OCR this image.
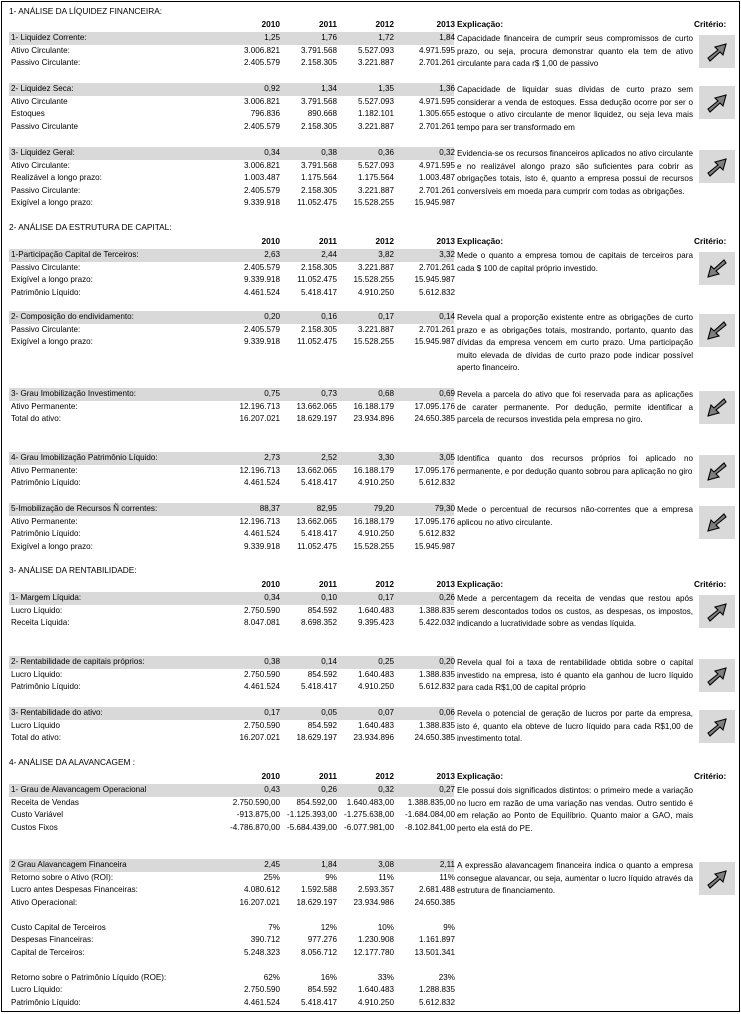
1- ANÁLISE DA LÍQUIDEZ FINANCEIRA:
2010	2011	2012	2013 Explicação:	Critério:
1- Liquidez Corrente:	1,25	1,76	1,72	1,84
Ativo Circulante:	3.006.821	3.791.568	5.527.093	4.971.595
Passivo Circulante:	2.405.579	2.158.305	3.221.887	2.701.261
Capacidade financeira de cumprir seus compromissos de curto prazo, ou seja, procura demonstrar quanto ela tem de ativo circulante para cada r$ 1,00 de passivo
2- Liquidez Seca:	0,92	1,34	1,35	1,36
Ativo Circulante	3.006.821	3.791.568	5.527.093	4.971.595
Estoques	796.836	890.668	1.182.101	1.305.655
Passivo Circulante	2.405.579	2.158.305	3.221.887	2.701.261
Capacidade de liquidar suas dívidas de curto prazo sem considerar a venda de estoques. Essa dedução ocorre por ser o estoque o ativo circulante de menor liquidez, ou seja leva mais tempo para ser transformado em
3- Liquidez Geral:	0,34	0,38	0,36	0,32
Ativo Circulante:	3.006.821	3.791.568	5.527.093	4.971.595
Realizável a longo prazo:	1.003.487	1.175.564	1.175.564	1.003.487
Passivo Circulante:	2.405.579	2.158.305	3.221.887	2.701.261
Exigível a longo prazo:	9.339.918	11.052.475	15.528.255	15.945.987
Evidencia-se os recursos financeiros aplicados no ativo circulante e no realizável alongo prazo são suficientes para cobrir as obrigações totais, isto é, quanto a empresa possui de recursos conversíveis em moeda para cumprir com todas as obrigações.
2- ANÁLISE DA ESTRUTURA DE CAPITAL:
2010	2011	2012	2013 Explicação:	Critério:
1-Participação Capital de Terceiros:	2,63	2,44	3,82	3,32
Passivo Circulante:	2.405.579	2.158.305	3.221.887	2.701.261
Exigível a longo prazo:	9.339.918	11.052.475	15.528.255	15.945.987
Patrimônio Líquido:	4.461.524	5.418.417	4.910.250	5.612.832
Mede o quanto a empresa tomou de capitais de terceiros para cada $ 100 de capital próprio investido.
2- Composição do endividamento:	0,20	0,16	0,17	0,14
Passivo Circulante:	2.405.579	2.158.305	3.221.887	2.701.261
Exigível a longo prazo:	9.339.918	11.052.475	15.528.255	15.945.987
Revela qual a proporção existente entre as obrigações de curto prazo e as obrigações totais, mostrando, portanto, quanto das dívidas da empresa vencem em curto prazo. Uma participação muito elevada de dívidas de curto prazo pode indicar possível aperto financeiro.
3- Grau Imobilização Investimento:	0,75	0,73	0,68	0,69
Ativo Permanente:	12.196.713	13.662.065	16.188.179	17.095.176
Total do ativo:	16.207.021	18.629.197	23.934.896	24.650.385
Revela a parcela do ativo que foi reservada para as aplicações de carater permanente. Por dedução, permite identificar a parcela de recursos investida pela empresa no giro.
4- Grau Imobilização Patrimônio Líquido:	2,73	2,52	3,30	3,05
Ativo Permanente:	12.196.713	13.662.065	16.188.179	17.095.176
Patrimônio Líquido:	4.461.524	5.418.417	4.910.250	5.612.832
Identifica quanto dos recursos próprios foi aplicado no permanente, e por dedução quanto sobrou para aplicação no giro
5-Imobilização de Recursos Ñ correntes:	88,37	82,95	79,20	79,30
Ativo Permanente:	12.196.713	13.662.065	16.188.179	17.095.176
Patrimônio Líquido:	4.461.524	5.418.417	4.910.250	5.612.832
Exigível a longo prazo:	9.339.918	11.052.475	15.528.255	15.945.987
Mede o percentual de recursos não-correntes que a empresa aplicou no ativo circulante.
3- ANÁLISE DA RENTABILIDADE:
2010	2011	2012	2013 Explicação:	Critério:
1- Margem Líquida:	0,34	0,10	0,17	0,26
Lucro Líquido:	2.750.590	854.592	1.640.483	1.388.835
Receita Líquida:	8.047.081	8.698.352	9.395.423	5.422.032
Mede a percentagem da receita de vendas que restou após serem descontados todos os custos, as despesas, os impostos, indicando a lucratividade sobre as vendas líquida.
2- Rentabilidade de capitais próprios:	0,38	0,14	0,25	0,20
Lucro Líquido:	2.750.590	854.592	1.640.483	1.388.835
Patrimônio Líquido:	4.461.524	5.418.417	4.910.250	5.612.832
Revela qual foi a taxa de rentabilidade obtida sobre o capital investido na empresa, isto é quanto ela ganhou de lucro líquido para cada R$1,00 de capital próprio
3- Rentabilidade do ativo:	0,17	0,05	0,07	0,06
Lucro Líquido	2.750.590	854.592	1.640.483	1.388.835
Total do ativo:	16.207.021	18.629.197	23.934.896	24.650.385
Revela o potencial de geração de lucros por parte da empresa, isto é, quanto ela obteve de lucro líquido para cada R$1,00 de investimento total.
4- ANÁLISE DA ALAVANCAGEM :
2010	2011	2012	2013 Explicação:	Critério:
1- Grau de Alavancagem Operacional	0,43	0,26	0,32	0,27
Receita de Vendas	2.750.590,00	854.592,00	1.640.483,00	1.388.835,00
Custo Variável	-913.875,00 -1.125.393,00 -1.275.638,00	-1.684.084,00
Custos Fixos	-4.786.870,00 -5.684.439,00 -6.077.981,00	-8.102.841,00
Ele possui dois significados distintos: o primeiro mede a variação no lucro em razão de uma variação nas vendas. Outro sentido é em relação ao Ponto de Equilíbrio. Quanto maior a GAO, mais perto ela está do PE.
2 Grau Alavancagem Financeira	2,45	1,84	3,08	2,11
Retorno sobre o Ativo (ROI):	25%	9%	11%	11%
Lucro antes Despesas Financeiras:	4.080.612	1.592.588	2.593.357	2.681.488
Ativo Operacional:	16.207.021	18.629.197	23.934.986	24.650.385
Custo Capital de Terceiros	7%	12%	10%	9%
Despesas Financeiras:	390.712	977.276	1.230.908	1.161.897
Capital de Terceiros:	5.248.323	8.056.712	12.177.780	13.501.341
Retorno sobre o Patrimônio Líquido (ROE):	62%	16%	33%	23%
Lucro Líquido:	2.750.590	854.592	1.640.483	1.288.835
Patrimônio Líquido:	4.461.524	5.418.417	4.910.250	5.612.832
A expressão alavancagem financeira indica o quanto a empresa consegue alavancar, ou seja, aumentar o lucro líquido através da estrutura de financiamento.
